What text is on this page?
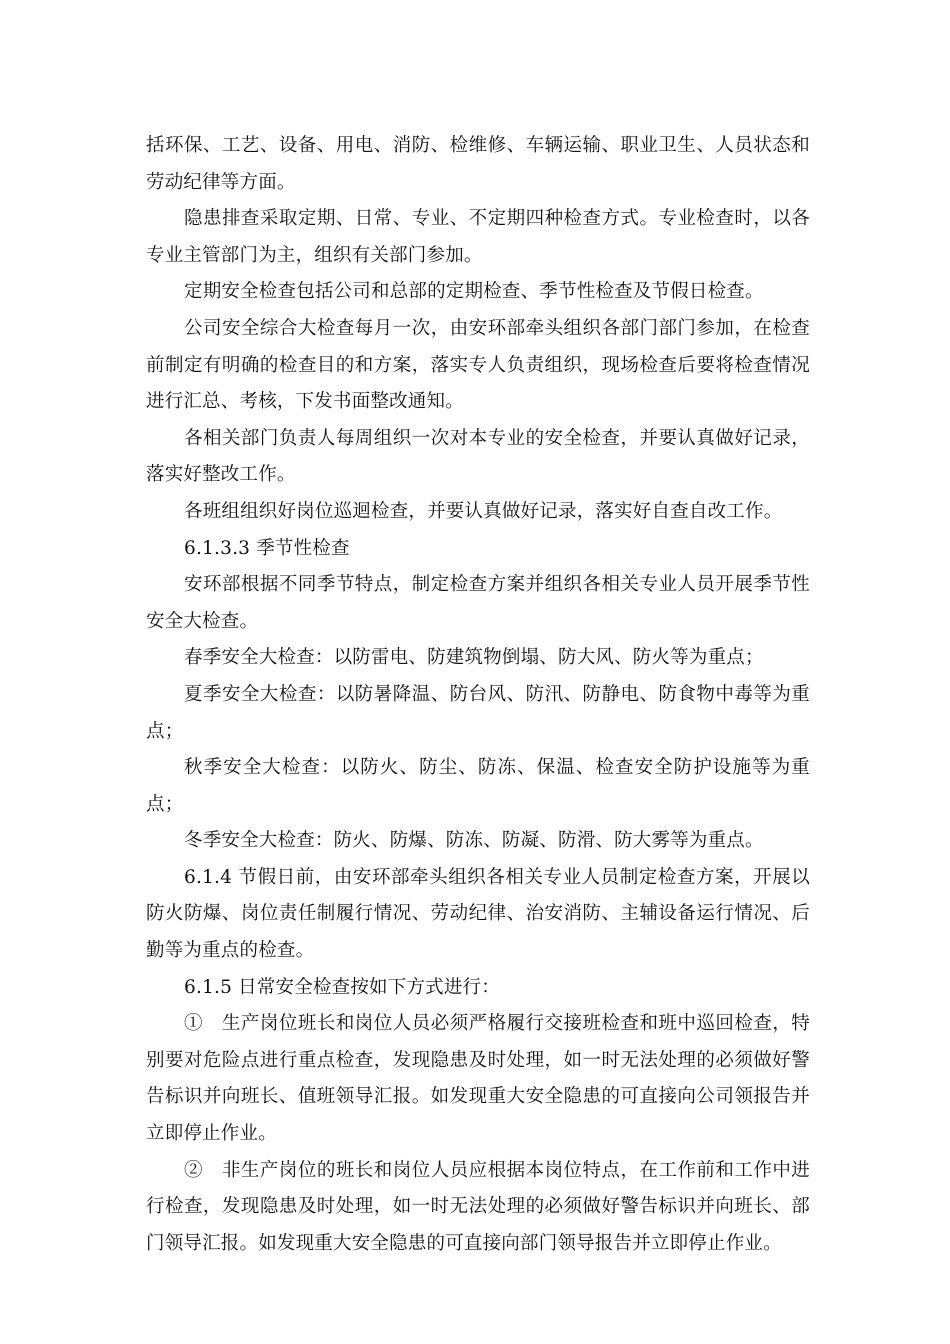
括环保、工艺、设备、用电、消防、检维修、车辆运输、职业卫生、人员状态和劳动纪律等方面。

隐患排查采取定期、日常、专业、不定期四种检查方式。专业检查时，以各专业主管部门为主，组织有关部门参加。

定期安全检查包括公司和总部的定期检查、季节性检查及节假日检查。

公司安全综合大检查每月一次，由安环部牵头组织各部门部门参加，在检查前制定有明确的检查目的和方案，落实专人负责组织，现场检查后要将检查情况进行汇总、考核，下发书面整改通知。

各相关部门负责人每周组织一次对本专业的安全检查，并要认真做好记录，落实好整改工作。

各班组组织好岗位巡迴检查，并要认真做好记录，落实好自查自改工作。

6.1.3.3 季节性检查

安环部根据不同季节特点，制定检查方案并组织各相关专业人员开展季节性安全大检查。

春季安全大检查：以防雷电、防建筑物倒塌、防大风、防火等为重点；

夏季安全大检查：以防暑降温、防台风、防汛、防静电、防食物中毒等为重点；

秋季安全大检查：以防火、防尘、防冻、保温、检查安全防护设施等为重点；

冬季安全大检查：防火、防爆、防冻、防凝、防滑、防大雾等为重点。

6.1.4 节假日前，由安环部牵头组织各相关专业人员制定检查方案，开展以防火防爆、岗位责任制履行情况、劳动纪律、治安消防、主辅设备运行情况、后勤等为重点的检查。

6.1.5 日常安全检查按如下方式进行：

①　生产岗位班长和岗位人员必须严格履行交接班检查和班中巡回检查，特别要对危险点进行重点检查，发现隐患及时处理，如一时无法处理的必须做好警告标识并向班长、值班领导汇报。如发现重大安全隐患的可直接向公司领报告并立即停止作业。

②　非生产岗位的班长和岗位人员应根据本岗位特点，在工作前和工作中进行检查，发现隐患及时处理，如一时无法处理的必须做好警告标识并向班长、部门领导汇报。如发现重大安全隐患的可直接向部门领导报告并立即停止作业。
